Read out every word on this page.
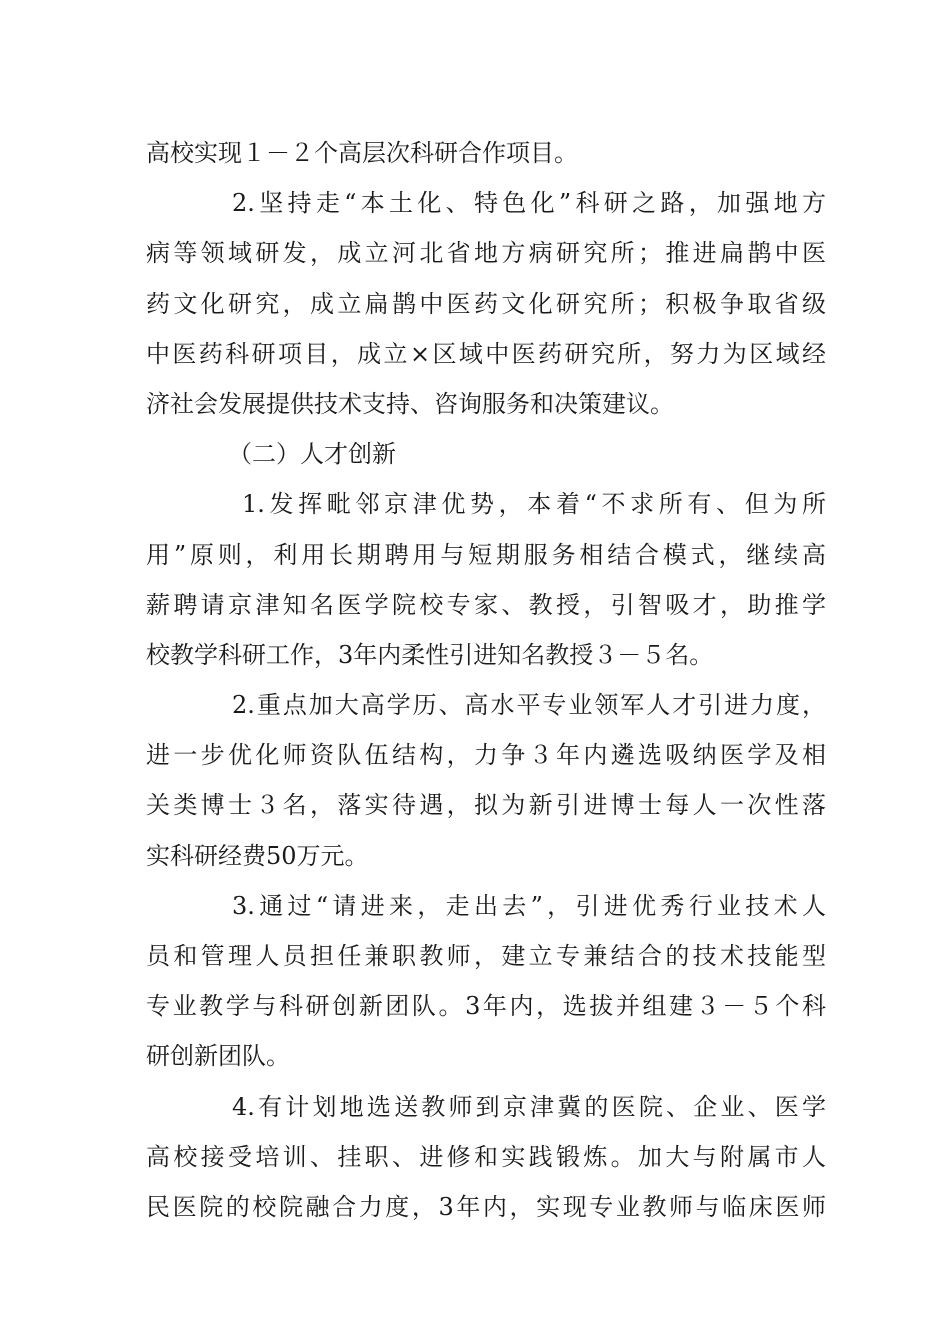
高校实现１－２个高层次科研合作项目。
2.坚持走“本土化、特色化”科研之路，加强地方
病等领域研发，成立河北省地方病研究所；推进扁鹊中医
药文化研究，成立扁鹊中医药文化研究所；积极争取省级
中医药科研项目，成立×区域中医药研究所，努力为区域经
济社会发展提供技术支持、咨询服务和决策建议。
（二）人才创新
1.发挥毗邻京津优势，本着“不求所有、但为所
用”原则，利用长期聘用与短期服务相结合模式，继续高
薪聘请京津知名医学院校专家、教授，引智吸才，助推学
校教学科研工作，3年内柔性引进知名教授３－５名。
2.重点加大高学历、高水平专业领军人才引进力度，
进一步优化师资队伍结构，力争３年内遴选吸纳医学及相
关类博士３名，落实待遇，拟为新引进博士每人一次性落
实科研经费50万元。
3.通过“请进来，走出去”，引进优秀行业技术人
员和管理人员担任兼职教师，建立专兼结合的技术技能型
专业教学与科研创新团队。3年内，选拔并组建３－５个科
研创新团队。
4.有计划地选送教师到京津冀的医院、企业、医学
高校接受培训、挂职、进修和实践锻炼。加大与附属市人
民医院的校院融合力度，3年内，实现专业教师与临床医师
